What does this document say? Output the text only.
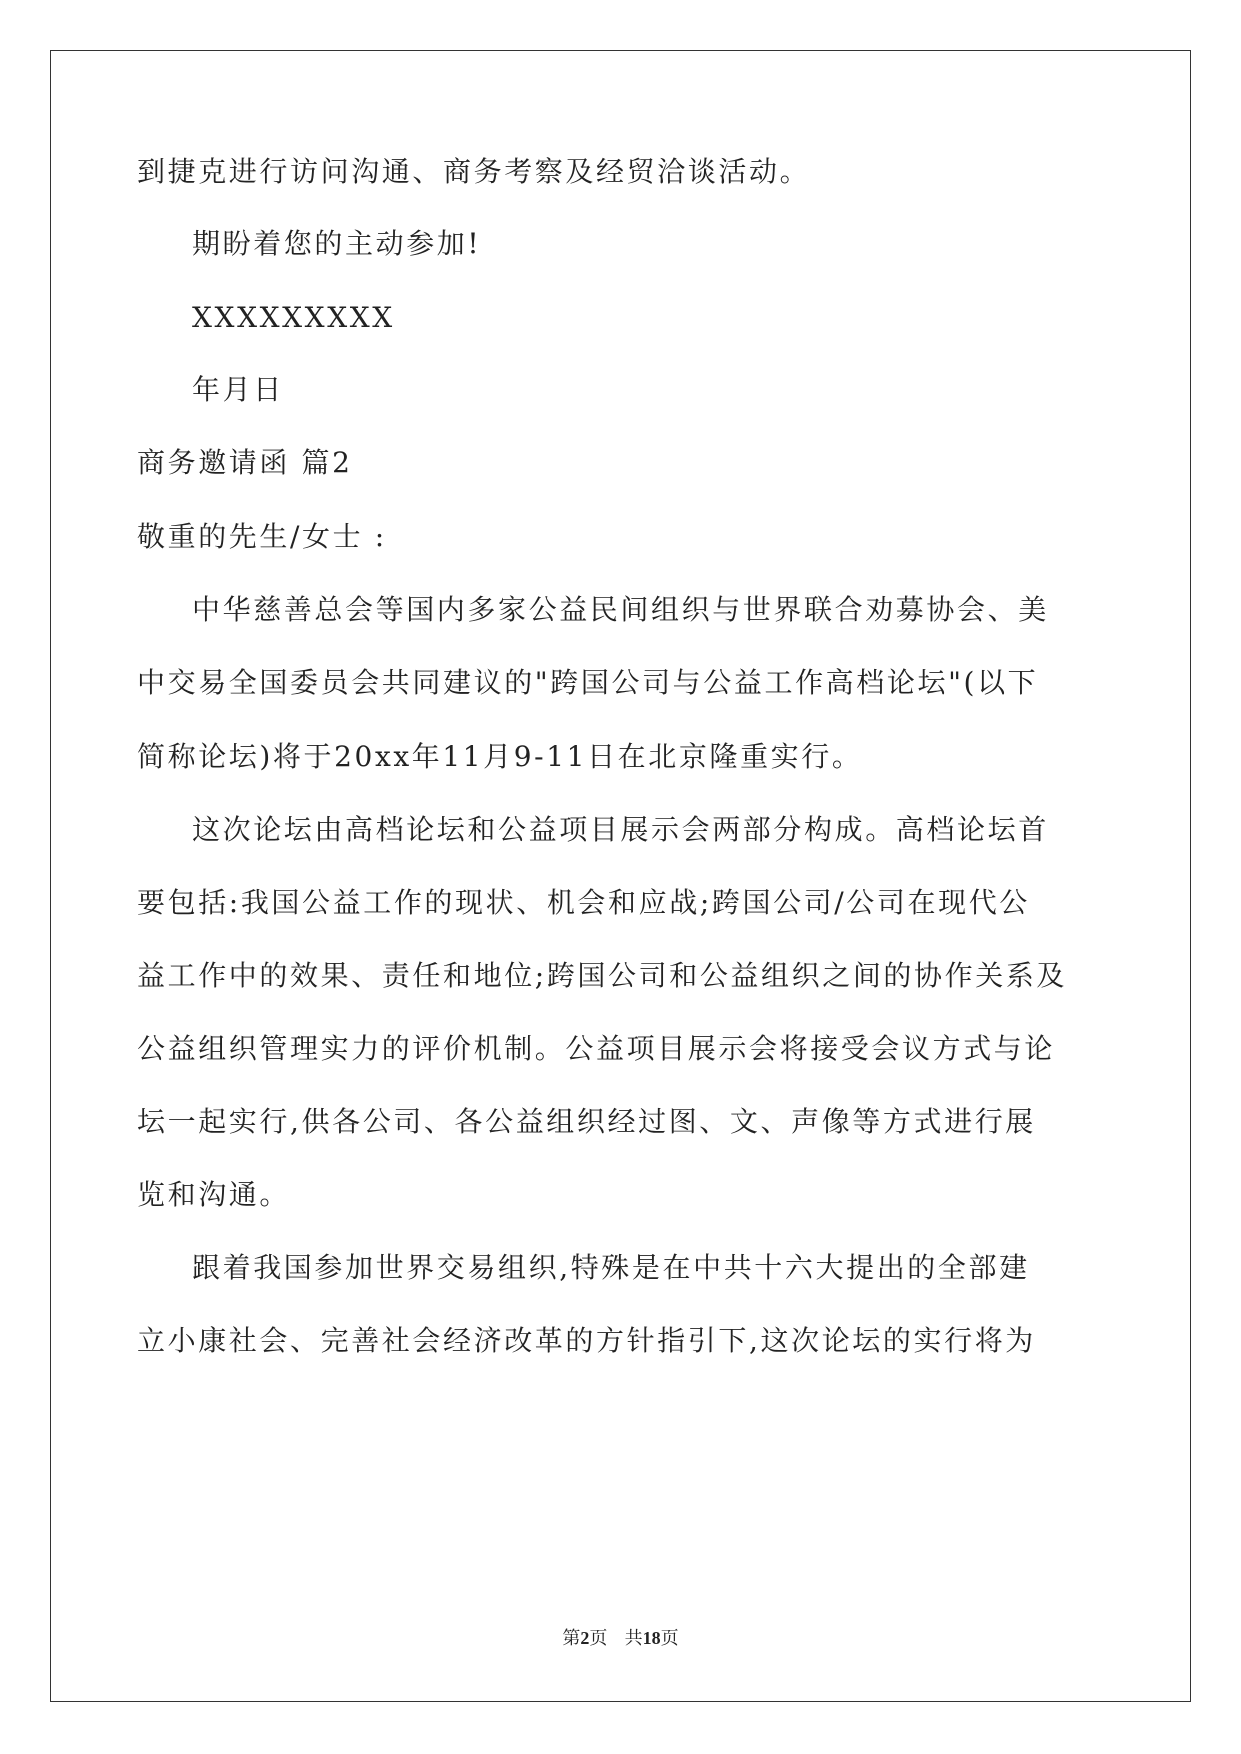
到捷克进行访问沟通、商务考察及经贸洽谈活动。

期盼着您的主动参加!

XXXXXXXXX

年月日

商务邀请函 篇2

敬重的先生/女士 :

中华慈善总会等国内多家公益民间组织与世界联合劝募协会、美

中交易全国委员会共同建议的"跨国公司与公益工作高档论坛"(以下

简称论坛)将于20xx年11月9-11日在北京隆重实行。

这次论坛由高档论坛和公益项目展示会两部分构成。高档论坛首

要包括:我国公益工作的现状、机会和应战;跨国公司/公司在现代公

益工作中的效果、责任和地位;跨国公司和公益组织之间的协作关系及

公益组织管理实力的评价机制。公益项目展示会将接受会议方式与论

坛一起实行,供各公司、各公益组织经过图、文、声像等方式进行展

览和沟通。

跟着我国参加世界交易组织,特殊是在中共十六大提出的全部建

立小康社会、完善社会经济改革的方针指引下,这次论坛的实行将为

第2页   共18页
